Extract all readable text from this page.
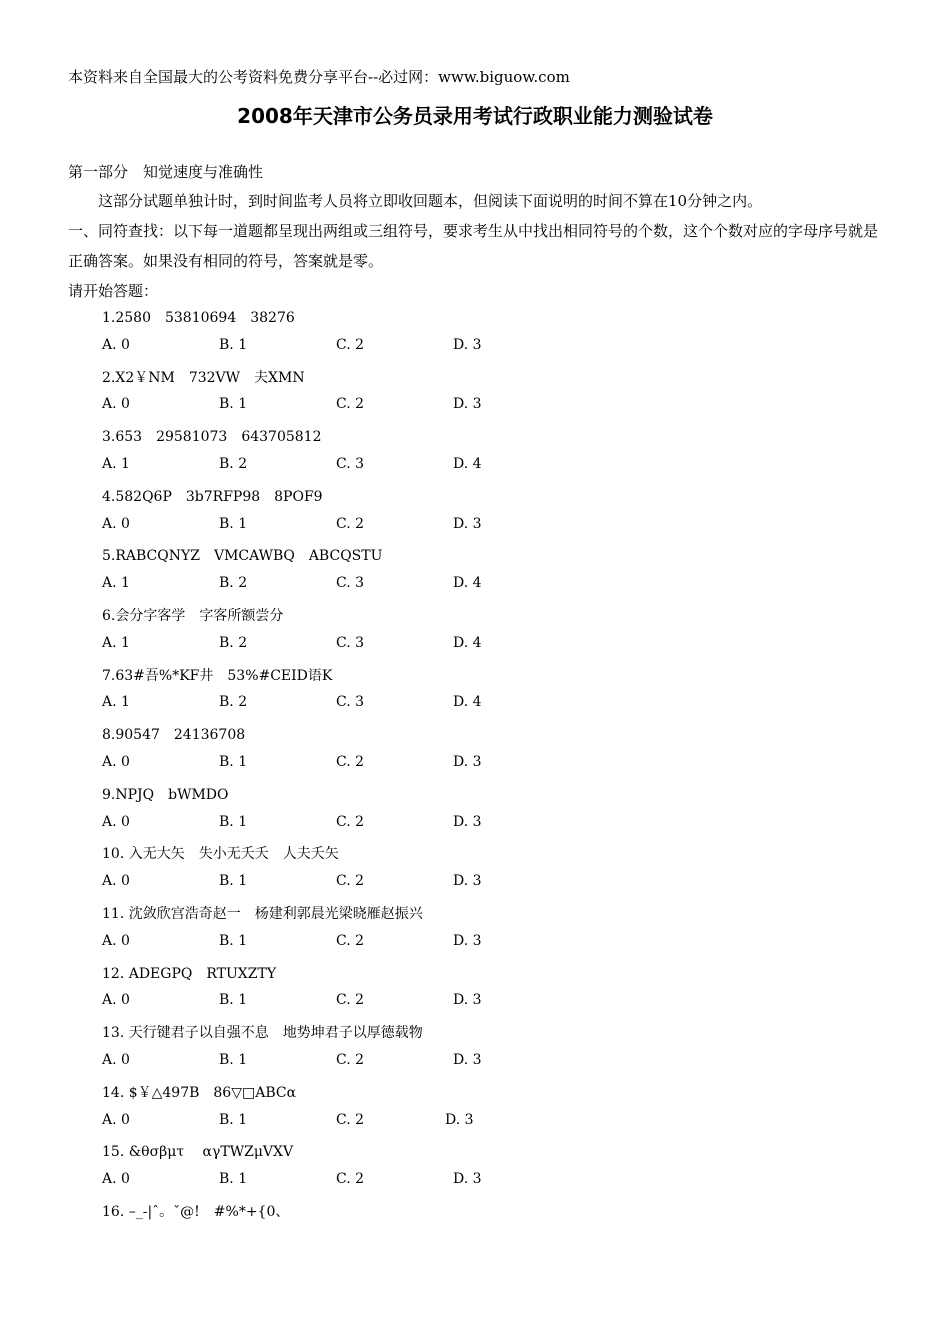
本资料来自全国最大的公考资料免费分享平台--必过网：www.biguow.com
2008年天津市公务员录用考试行政职业能力测验试卷
第一部分　知觉速度与准确性
　　这部分试题单独计时，到时间监考人员将立即收回题本，但阅读下面说明的时间不算在10分钟之内。
一、同符查找：以下每一道题都呈现出两组或三组符号，要求考生从中找出相同符号的个数，这个个数对应的字母序号就是正确答案。如果没有相同的符号，答案就是零。
请开始答题：
1.2580　53810694　38276
A. 0	B. 1	C. 2	D. 3
2.X2￥NM　732VW　夫XMN
A. 0	B. 1	C. 2	D. 3
3.653　29581073　643705812
A. 1	B. 2	C. 3	D. 4
4.582Q6P　3b7RFP98　8POF9
A. 0	B. 1	C. 2	D. 3
5.RABCQNYZ　VMCAWBQ　ABCQSTU
A. 1	B. 2	C. 3	D. 4
6.会分字客学　字客所额尝分
A. 1	B. 2	C. 3	D. 4
7.63#吾%*KF井　53%#CEID语K
A. 1	B. 2	C. 3	D. 4
8.90547　24136708
A. 0	B. 1	C. 2	D. 3
9.NPJQ　bWMDO
A. 0	B. 1	C. 2	D. 3
10. 入无大矢　失小无夭夭　人夫夭矢
A. 0	B. 1	C. 2	D. 3
11. 沈敛欣宫浩奇赵一　杨建利郭晨光梁晓雁赵振兴
A. 0	B. 1	C. 2	D. 3
12. ADEGPQ　RTUXZTY
A. 0	B. 1	C. 2	D. 3
13. 天行键君子以自强不息　地势坤君子以厚德载物
A. 0	B. 1	C. 2	D. 3
14. $￥△497B　86▽□ABCα
A. 0	B. 1	C. 2	D. 3
15. &θσβμτ　 αγTWZμVXV
A. 0	B. 1	C. 2	D. 3
16. –_-|ˆ。ˇ@!　#%*+{0、
